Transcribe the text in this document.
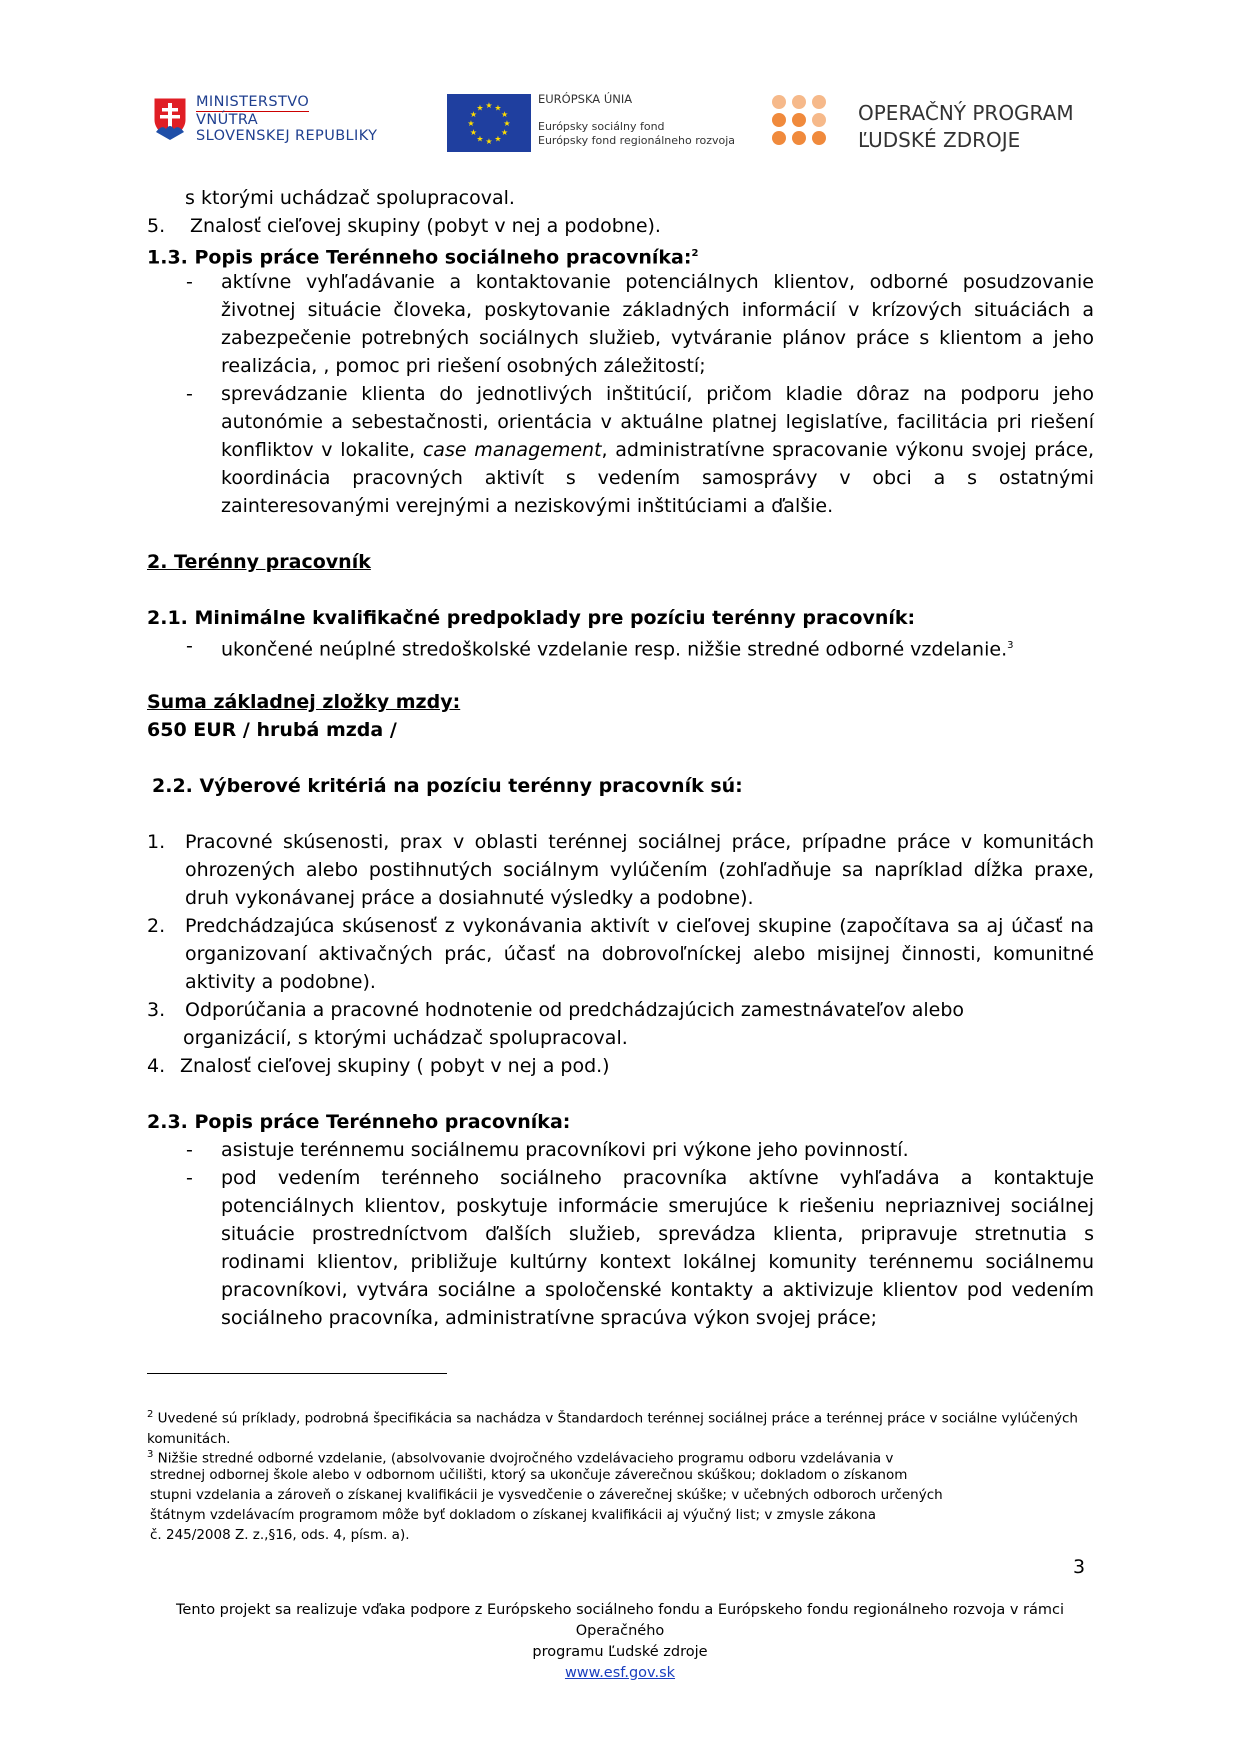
MINISTERSTVO
VNÚTRA
SLOVENSKEJ REPUBLIKY
★ ★
★
★
★
★
★
★
★
★
★
★
EURÓPSKA ÚNIA
Európsky sociálny fond
Európsky fond regionálneho rozvoja
OPERAČNÝ PROGRAM
ĽUDSKÉ ZDROJE
s ktorými uchádzač spolupracoval.
5. Znalosť cieľovej skupiny (pobyt v nej a podobne).
1.3. Popis práce Terénneho sociálneho pracovníka:$^2$
- aktívne vyhľadávanie a kontaktovanie potenciálnych klientov, odborné posudzovanie životnej situácie človeka, poskytovanie základných informácií v krízových situáciách a zabezpečenie potrebných sociálnych služieb, vytváranie plánov práce s klientom a jeho realizácia, , pomoc pri riešení osobných záležitostí;
- sprevádzanie klienta do jednotlivých inštitúcií, pričom kladie dôraz na podporu jeho autonómie a sebestačnosti, orientácia v aktuálne platnej legislatíve, facilitácia pri riešení konfliktov v lokalite, case management, administratívne spracovanie výkonu svojej práce, koordinácia pracovných aktivít s vedením samosprávy v obci a s ostatnými zainteresovanými verejnými a neziskovými inštitúciami a ďalšie.
2. Terénny pracovník
2.1. Minimálne kvalifikačné predpoklady pre pozíciu terénny pracovník:
- ukončené neúplné stredoškolské vzdelanie resp. nižšie stredné odborné vzdelanie.$^3$
Suma základnej zložky mzdy:
650 EUR / hrubá mzda /
2.2. Výberové kritériá na pozíciu terénny pracovník sú:
1. Pracovné skúsenosti, prax v oblasti terénnej sociálnej práce, prípadne práce v komunitách ohrozených alebo postihnutých sociálnym vylúčením (zohľadňuje sa napríklad dĺžka praxe, druh vykonávanej práce a dosiahnuté výsledky a podobne).
2. Predchádzajúca skúsenosť z vykonávania aktivít v cieľovej skupine (započítava sa aj účasť na organizovaní aktivačných prác, účasť na dobrovoľníckej alebo misijnej činnosti, komunitné aktivity a podobne).
3. Odporúčania a pracovné hodnotenie od predchádzajúcich zamestnávateľov alebo
organizácií, s ktorými uchádzač spolupracoval.
4. Znalosť cieľovej skupiny ( pobyt v nej a pod.)
2.3. Popis práce Terénneho pracovníka:
- asistuje terénnemu sociálnemu pracovníkovi pri výkone jeho povinností.
- pod vedením terénneho sociálneho pracovníka aktívne vyhľadáva a kontaktuje potenciálnych klientov, poskytuje informácie smerujúce k riešeniu nepriaznivej sociálnej situácie prostredníctvom ďalších služieb, sprevádza klienta, pripravuje stretnutia s rodinami klientov, približuje kultúrny kontext lokálnej komunity terénnemu sociálnemu pracovníkovi, vytvára sociálne a spoločenské kontakty a aktivizuje klientov pod vedením sociálneho pracovníka, administratívne spracúva výkon svojej práce;
$^2$ Uvedené sú príklady, podrobná špecifikácia sa nachádza v Štandardoch terénnej sociálnej práce a terénnej práce v sociálne vylúčených komunitách.
$^3$ Nižšie stredné odborné vzdelanie, (absolvovanie dvojročného vzdelávacieho programu odboru vzdelávania v
strednej odbornej škole alebo v odbornom učilišti, ktorý sa ukončuje záverečnou skúškou; dokladom o získanom
stupni vzdelania a zároveň o získanej kvalifikácii je vysvedčenie o záverečnej skúške; v učebných odboroch určených
štátnym vzdelávacím programom môže byť dokladom o získanej kvalifikácii aj výučný list; v zmysle zákona
č. 245/2008 Z. z.,§16, ods. 4, písm. a).
3
Tento projekt sa realizuje vďaka podpore z Európskeho sociálneho fondu a Európskeho fondu regionálneho rozvoja v rámci Operačného
programu Ľudské zdroje
www.esf.gov.sk
